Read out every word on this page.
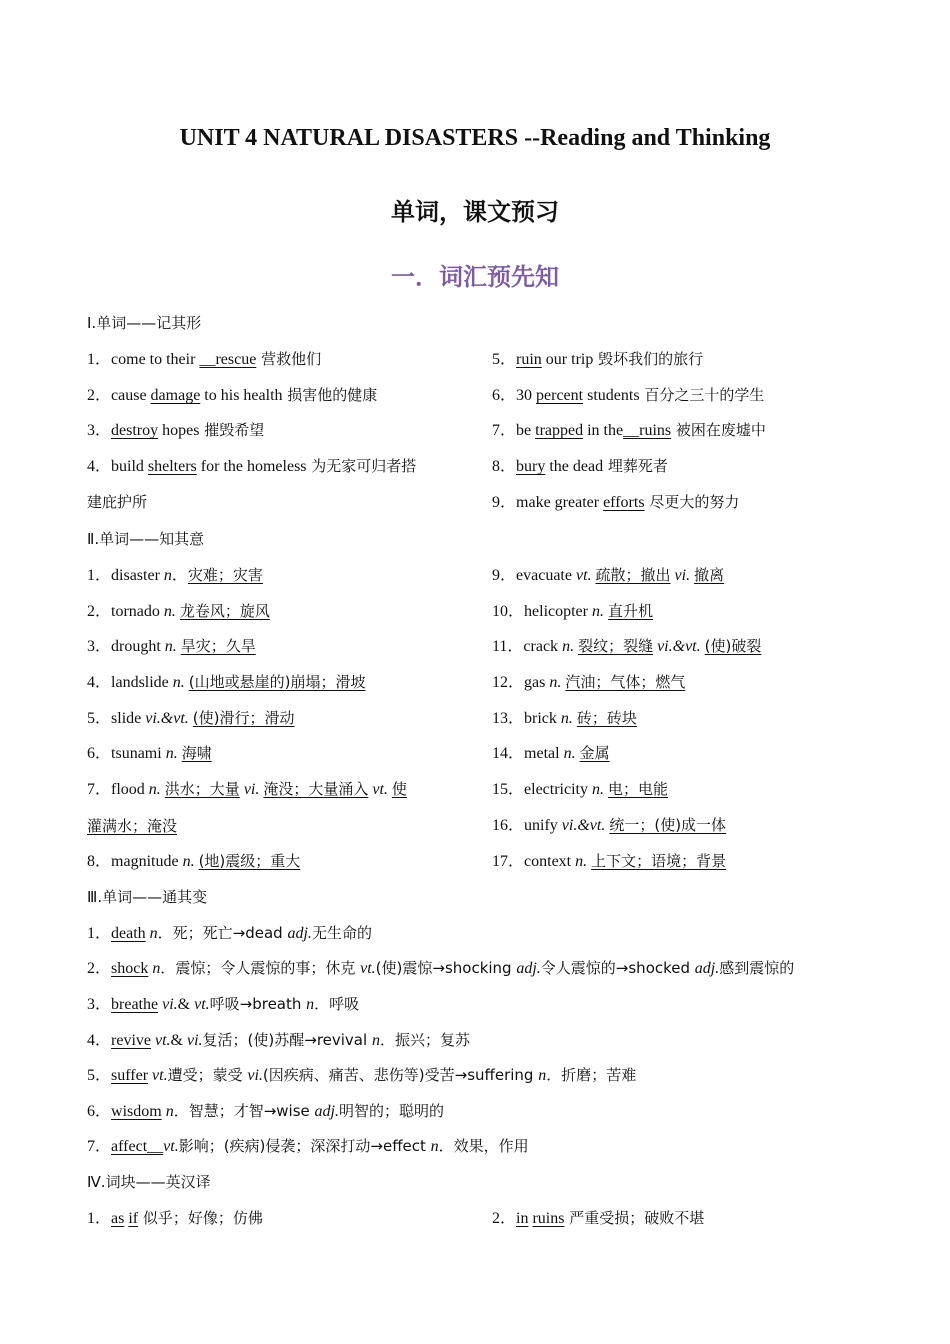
UNIT 4 NATURAL DISASTERS --Reading and Thinking
单词，课文预习
一．词汇预先知
Ⅰ.单词——记其形
1．come to their __rescue 营救他们
2．cause damage to his health 损害他的健康
3．destroy hopes 摧毁希望
4．build shelters for the homeless 为无家可归者搭
建庇护所
5．ruin our trip 毁坏我们的旅行
6．30 percent students 百分之三十的学生
7．be trapped in the__ruins 被困在废墟中
8．bury the dead 埋葬死者
9．make greater efforts 尽更大的努力
Ⅱ.单词——知其意
1．disaster n．灾难；灾害
2．tornado n. 龙卷风；旋风
3．drought n. 旱灾；久旱
4．landslide n. (山地或悬崖的)崩塌；滑坡
5．slide vi.&vt. (使)滑行；滑动
6．tsunami n. 海啸
7．flood n. 洪水；大量 vi. 淹没；大量涌入 vt. 使
8．magnitude n. (地)震级；重大
灌满水；淹没
9．evacuate vt. 疏散；撤出 vi. 撤离
10．helicopter n. 直升机
11．crack n. 裂纹；裂缝 vi.&vt. (使)破裂
12．gas n. 汽油；气体；燃气
13．brick n. 砖；砖块
14．metal n. 金属
15．electricity n. 电；电能
16．unify vi.&vt. 统一；(使)成一体
17．context n. 上下文；语境；背景
Ⅲ.单词——通其变
1．death n．死；死亡→dead adj.无生命的
2．shock n．震惊；令人震惊的事；休克 vt.(使)震惊→shocking adj.令人震惊的→shocked adj.感到震惊的
3．breathe vi.& vt.呼吸→breath n．呼吸
4．revive vt.& vi.复活；(使)苏醒→revival n．振兴；复苏
5．suffer vt.遭受；蒙受 vi.(因疾病、痛苦、悲伤等)受苦→suffering n．折磨；苦难
6．wisdom n．智慧；才智→wise adj.明智的；聪明的
7．affect__vt.影响；(疾病)侵袭；深深打动→effect n．效果，作用
Ⅳ.词块——英汉译
1．as if 似乎；好像；仿佛	2．in ruins 严重受损；破败不堪
